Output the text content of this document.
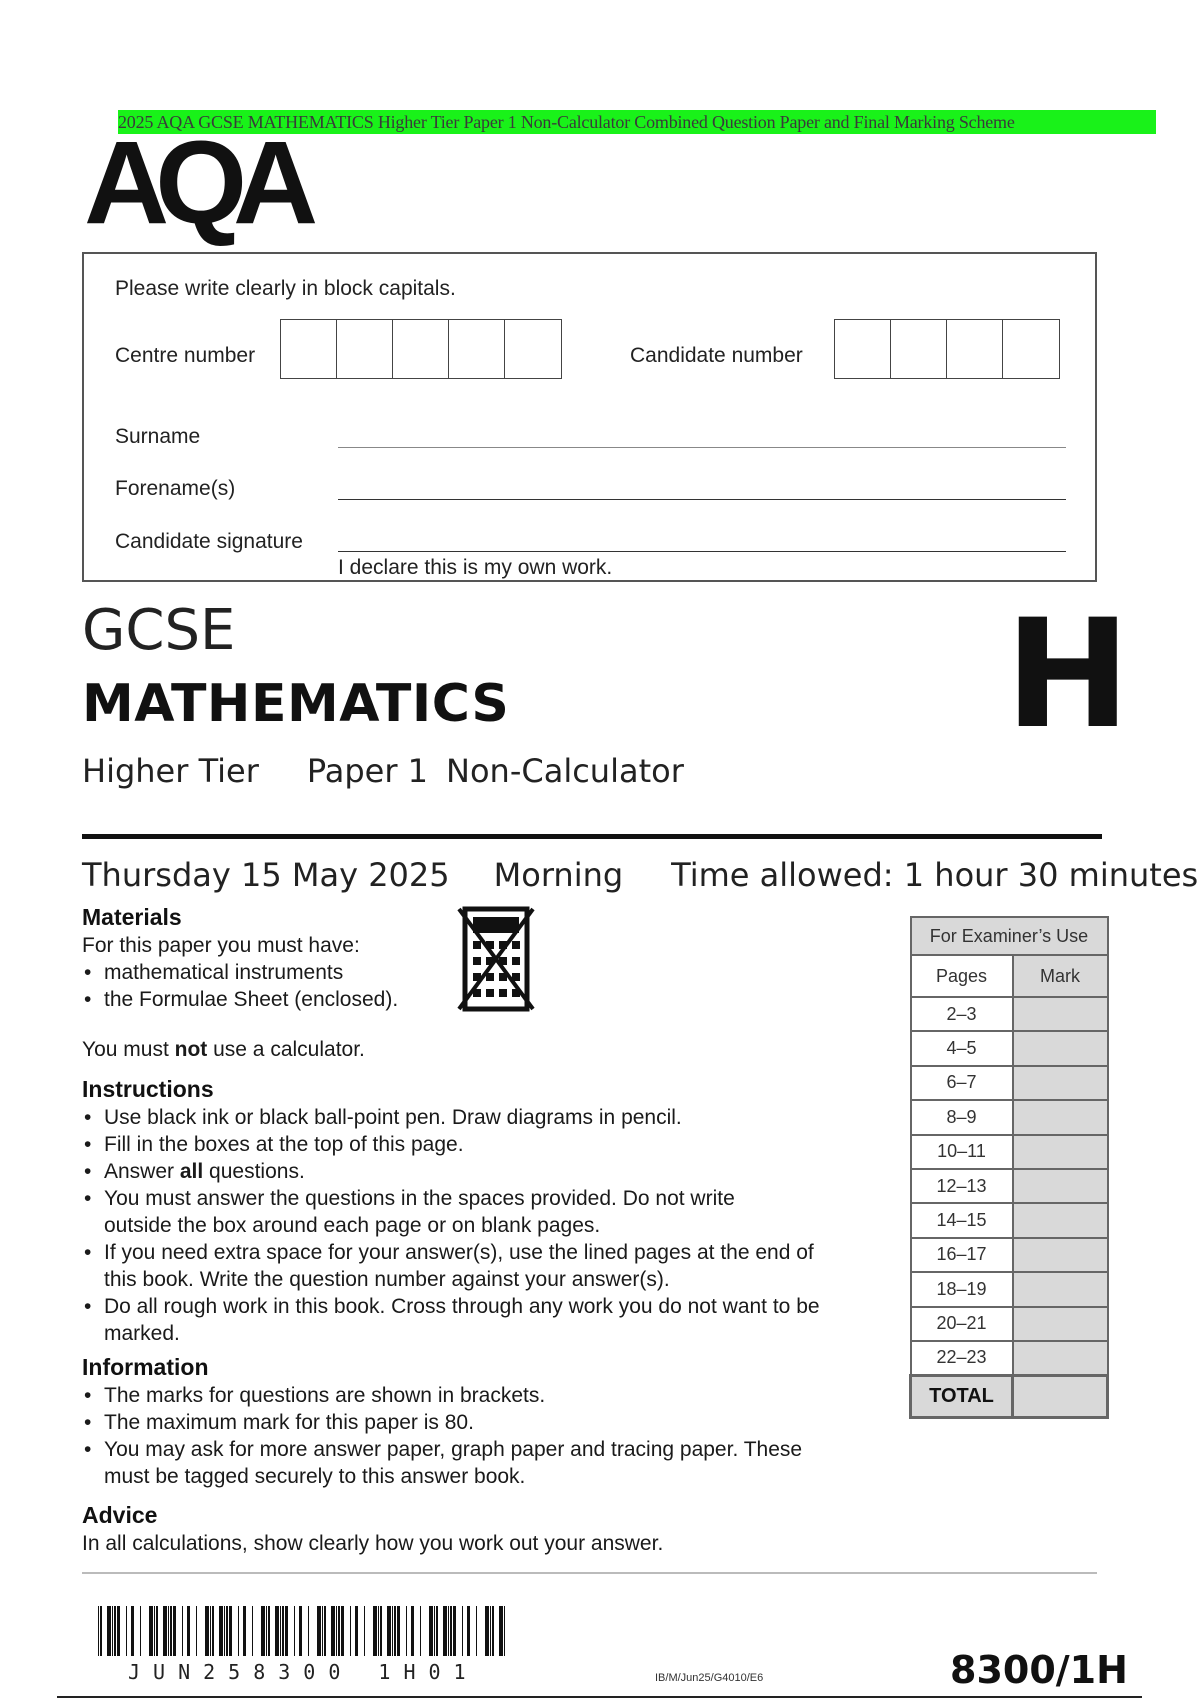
2025 AQA GCSE MATHEMATICS Higher Tier Paper 1 Non-Calculator Combined Question Paper and Final Marking Scheme
AQA
Please write clearly in block capitals.
Centre number	Candidate number
Surname
Forename(s)
Candidate signature
I declare this is my own work.
GCSE
MATHEMATICS	H
Higher Tier Paper 1 Non-Calculator
Thursday 15 May 2025 Morning Time allowed: 1 hour 30 minutes
Materials
For this paper you must have:
• mathematical instruments
• the Formulae Sheet (enclosed).
You must not use a calculator.
Instructions
• Use black ink or black ball-point pen. Draw diagrams in pencil.
• Fill in the boxes at the top of this page.
• Answer all questions.
• You must answer the questions in the spaces provided. Do not write outside the box around each page or on blank pages.
• If you need extra space for your answer(s), use the lined pages at the end of this book. Write the question number against your answer(s).
• Do all rough work in this book. Cross through any work you do not want to be marked.
Information
• The marks for questions are shown in brackets.
• The maximum mark for this paper is 80.
• You may ask for more answer paper, graph paper and tracing paper. These must be tagged securely to this answer book.
Advice
In all calculations, show clearly how you work out your answer.
For Examiner’s Use	
Pages	Mark
2–3	
4–5	
6–7	
8–9	
10–11	
12–13	
14–15	
16–17	
18–19	
20–21	
22–23	
TOTAL	
JUN258300 1H01	IB/M/Jun25/G4010/E6	8300/1H
